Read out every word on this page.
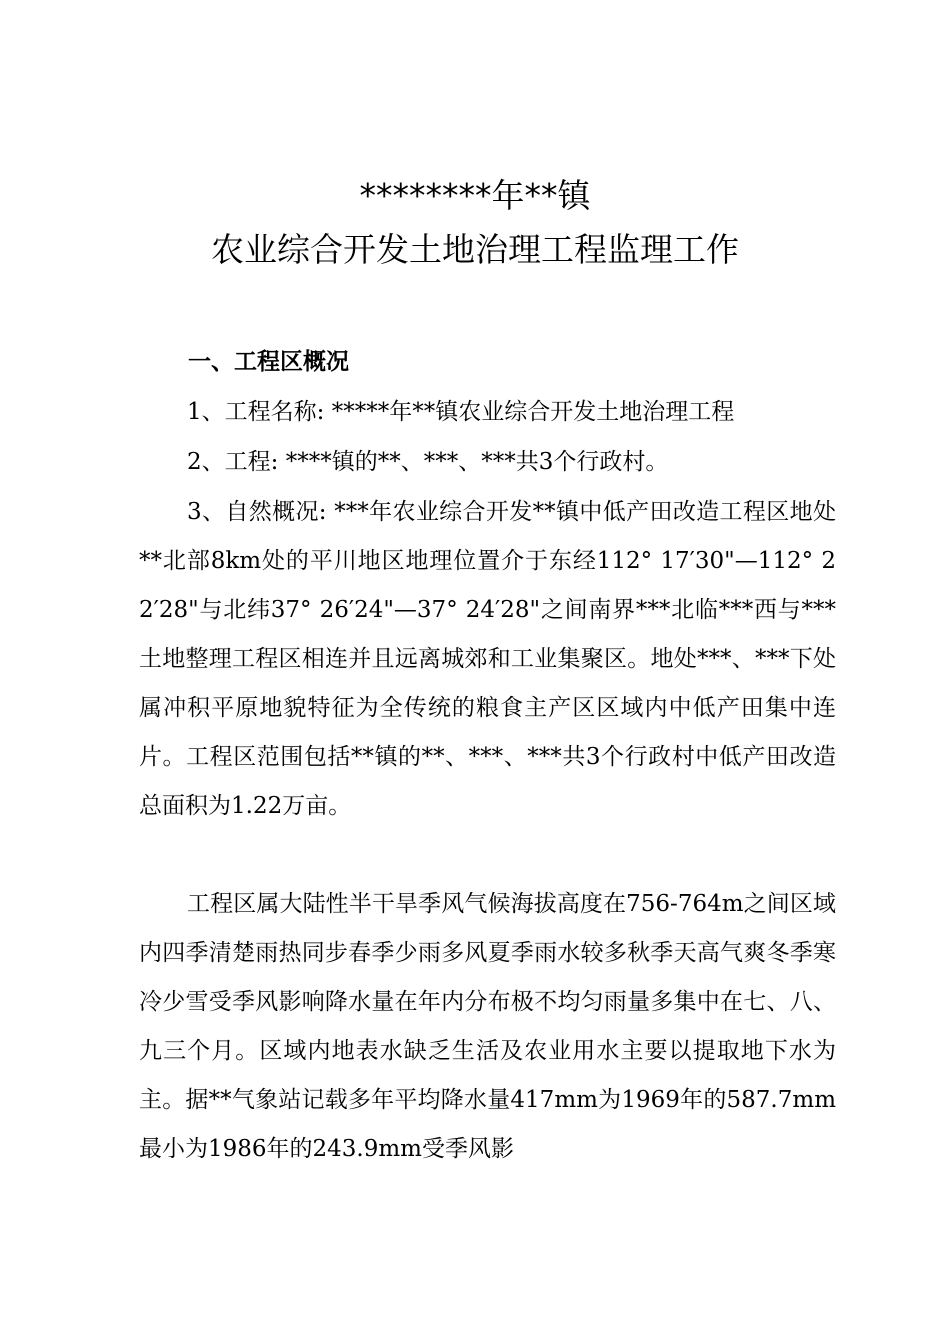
********年**镇
农业综合开发土地治理工程监理工作
一、工程区概况
1、工程名称: *****年**镇农业综合开发土地治理工程
2、工程: ****镇的**、***、***共3个行政村。
3、自然概况: ***年农业综合开发**镇中低产田改造工程区地处**北部8km处的平川地区地理位置介于东经112° 17′30"—112° 22′28"与北纬37° 26′24"—37° 24′28"之间南界***北临***西与***土地整理工程区相连并且远离城郊和工业集聚区。地处***、***下处属冲积平原地貌特征为全传统的粮食主产区区域内中低产田集中连片。工程区范围包括**镇的**、***、***共3个行政村中低产田改造总面积为1.22万亩。
工程区属大陆性半干旱季风气候海拔高度在756-764m之间区域内四季清楚雨热同步春季少雨多风夏季雨水较多秋季天高气爽冬季寒冷少雪受季风影响降水量在年内分布极不均匀雨量多集中在七、八、九三个月。区域内地表水缺乏生活及农业用水主要以提取地下水为主。据**气象站记载多年平均降水量417mm为1969年的587.7mm最小为1986年的243.9mm受季风影
